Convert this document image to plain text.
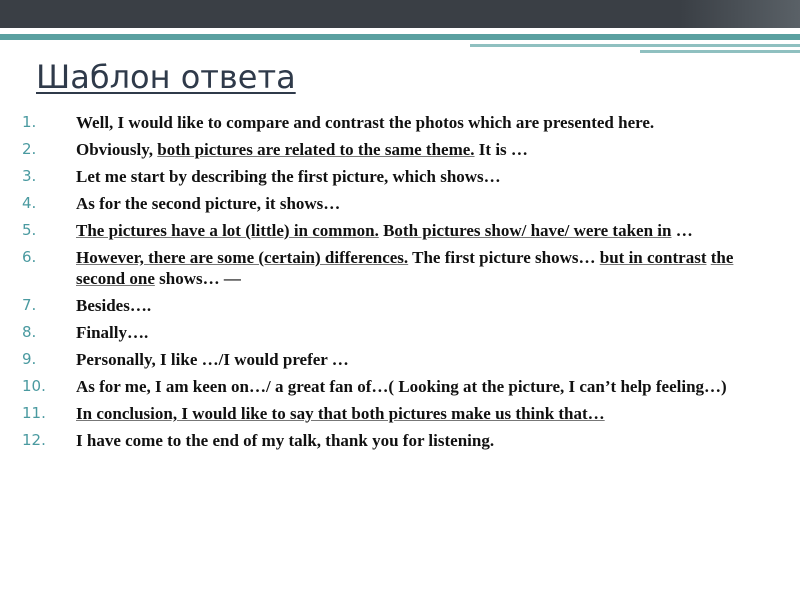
Шаблон ответа
1.	Well, I would like to compare and contrast the photos which are presented here.
2.	Obviously, both pictures are related to the same theme. It is …
3.	Let me start by describing the first picture, which shows…
4.	As for the second picture, it shows…
5.	The pictures have a lot (little) in common. Both pictures show/ have/ were taken in …
6.	However, there are some (certain) differences. The first picture shows… but in contrast the second one shows… —
7.	Besides….
8.	Finally….
9.	Personally, I like …/I would prefer …
10.	As for me, I am keen on…/ a great fan of…( Looking at the picture, I can’t help feeling…)
11.	In conclusion, I would like to say that both pictures make us think that…
12.	I have come to the end of my talk, thank you for listening.
